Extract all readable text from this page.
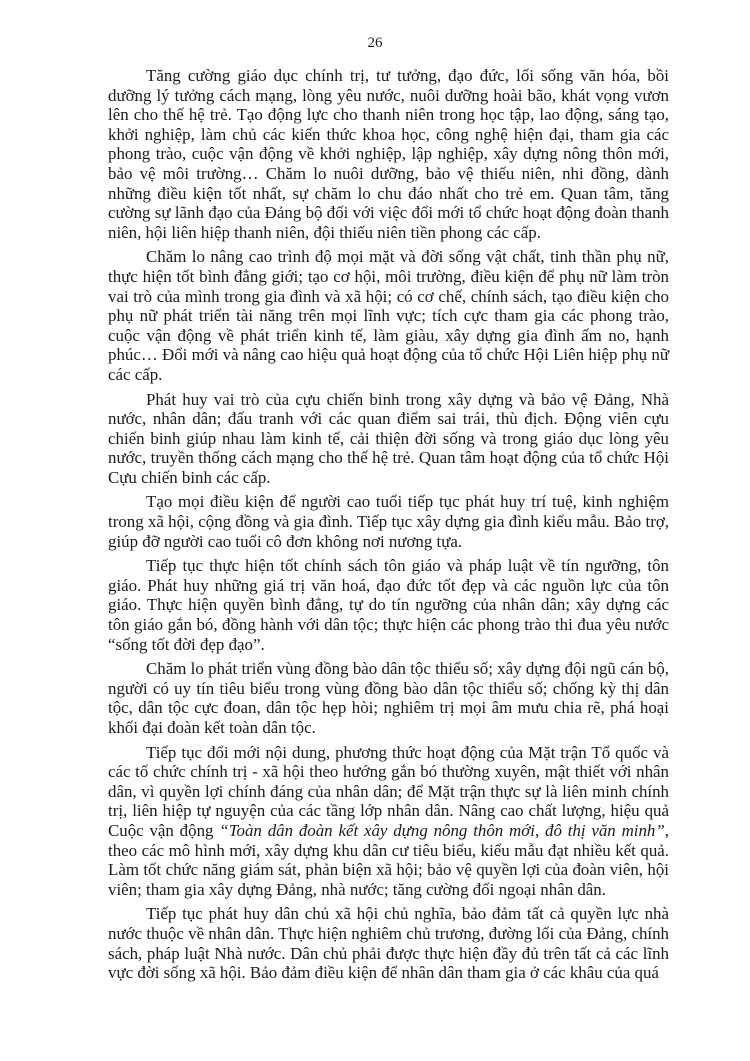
26

Tăng cường giáo dục chính trị, tư tưởng, đạo đức, lối sống văn hóa, bồi dưỡng lý tưởng cách mạng, lòng yêu nước, nuôi dưỡng hoài bão, khát vọng vươn lên cho thế hệ trẻ. Tạo động lực cho thanh niên trong học tập, lao động, sáng tạo, khởi nghiệp, làm chủ các kiến thức khoa học, công nghệ hiện đại, tham gia các phong trào, cuộc vận động về khởi nghiệp, lập nghiệp, xây dựng nông thôn mới, bảo vệ môi trường… Chăm lo nuôi dưỡng, bảo vệ thiếu niên, nhi đồng, dành những điều kiện tốt nhất, sự chăm lo chu đáo nhất cho trẻ em. Quan tâm, tăng cường sự lãnh đạo của Đảng bộ đối với việc đổi mới tổ chức hoạt động đoàn thanh niên, hội liên hiệp thanh niên, đội thiếu niên tiền phong các cấp.

Chăm lo nâng cao trình độ mọi mặt và đời sống vật chất, tinh thần phụ nữ, thực hiện tốt bình đẳng giới; tạo cơ hội, môi trường, điều kiện để phụ nữ làm tròn vai trò của mình trong gia đình và xã hội; có cơ chế, chính sách, tạo điều kiện cho phụ nữ phát triển tài năng trên mọi lĩnh vực; tích cực tham gia các phong trào, cuộc vận động về phát triển kinh tế, làm giàu, xây dựng gia đình ấm no, hạnh phúc… Đổi mới và nâng cao hiệu quả hoạt động của tổ chức Hội Liên hiệp phụ nữ các cấp.

Phát huy vai trò của cựu chiến binh trong xây dựng và bảo vệ Đảng, Nhà nước, nhân dân; đấu tranh với các quan điểm sai trái, thù địch. Động viên cựu chiến binh giúp nhau làm kinh tế, cải thiện đời sống và trong giáo dục lòng yêu nước, truyền thống cách mạng cho thế hệ trẻ. Quan tâm hoạt động của tổ chức Hội Cựu chiến binh các cấp.

Tạo mọi điều kiện để người cao tuổi tiếp tục phát huy trí tuệ, kinh nghiệm trong xã hội, cộng đồng và gia đình. Tiếp tục xây dựng gia đình kiểu mẫu. Bảo trợ, giúp đỡ người cao tuổi cô đơn không nơi nương tựa.

Tiếp tục thực hiện tốt chính sách tôn giáo và pháp luật về tín ngưỡng, tôn giáo. Phát huy những giá trị văn hoá, đạo đức tốt đẹp và các nguồn lực của tôn giáo. Thực hiện quyền bình đẳng, tự do tín ngưỡng của nhân dân; xây dựng các tôn giáo gắn bó, đồng hành với dân tộc; thực hiện các phong trào thi đua yêu nước “sống tốt đời đẹp đạo”.

Chăm lo phát triển vùng đồng bào dân tộc thiểu số; xây dựng đội ngũ cán bộ, người có uy tín tiêu biểu trong vùng đồng bào dân tộc thiểu số; chống kỳ thị dân tộc, dân tộc cực đoan, dân tộc hẹp hòi; nghiêm trị mọi âm mưu chia rẽ, phá hoại khối đại đoàn kết toàn dân tộc.

Tiếp tục đổi mới nội dung, phương thức hoạt động của Mặt trận Tổ quốc và các tổ chức chính trị - xã hội theo hướng gắn bó thường xuyên, mật thiết với nhân dân, vì quyền lợi chính đáng của nhân dân; để Mặt trận thực sự là liên minh chính trị, liên hiệp tự nguyện của các tầng lớp nhân dân. Nâng cao chất lượng, hiệu quả Cuộc vận động “Toàn dân đoàn kết xây dựng nông thôn mới, đô thị văn minh”, theo các mô hình mới, xây dựng khu dân cư tiêu biểu, kiểu mẫu đạt nhiều kết quả. Làm tốt chức năng giám sát, phản biện xã hội; bảo vệ quyền lợi của đoàn viên, hội viên; tham gia xây dựng Đảng, nhà nước; tăng cường đối ngoại nhân dân.

Tiếp tục phát huy dân chủ xã hội chủ nghĩa, bảo đảm tất cả quyền lực nhà nước thuộc về nhân dân. Thực hiện nghiêm chủ trương, đường lối của Đảng, chính sách, pháp luật Nhà nước. Dân chủ phải được thực hiện đầy đủ trên tất cả các lĩnh vực đời sống xã hội. Bảo đảm điều kiện để nhân dân tham gia ở các khâu của quá
